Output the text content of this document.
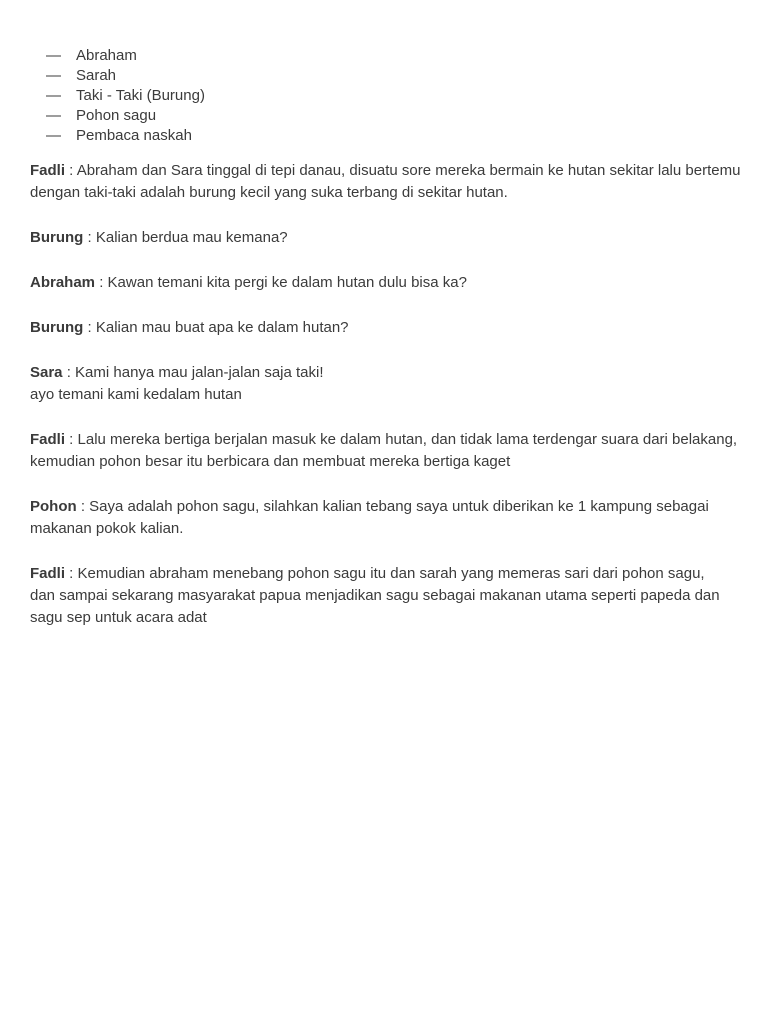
—	Abraham
—	Sarah
—	Taki - Taki (Burung)
—	Pohon sagu
—	Pembaca naskah

Fadli : Abraham dan Sara tinggal di tepi danau, disuatu sore mereka bermain ke hutan sekitar lalu bertemu dengan taki-taki adalah burung kecil yang suka terbang di sekitar hutan.

Burung : Kalian berdua mau kemana?

Abraham : Kawan temani kita pergi ke dalam hutan dulu bisa ka?

Burung : Kalian mau buat apa ke dalam hutan?

Sara : Kami hanya mau jalan-jalan saja taki!
ayo temani kami kedalam hutan

Fadli : Lalu mereka bertiga berjalan masuk ke dalam hutan, dan tidak lama terdengar suara dari belakang, kemudian pohon besar itu berbicara dan membuat mereka bertiga kaget

Pohon : Saya adalah pohon sagu, silahkan kalian tebang saya untuk diberikan ke 1 kampung sebagai makanan pokok kalian.

Fadli : Kemudian abraham menebang pohon sagu itu dan sarah yang memeras sari dari pohon sagu,
dan sampai sekarang masyarakat papua menjadikan sagu sebagai makanan utama seperti papeda dan sagu sep untuk acara adat
